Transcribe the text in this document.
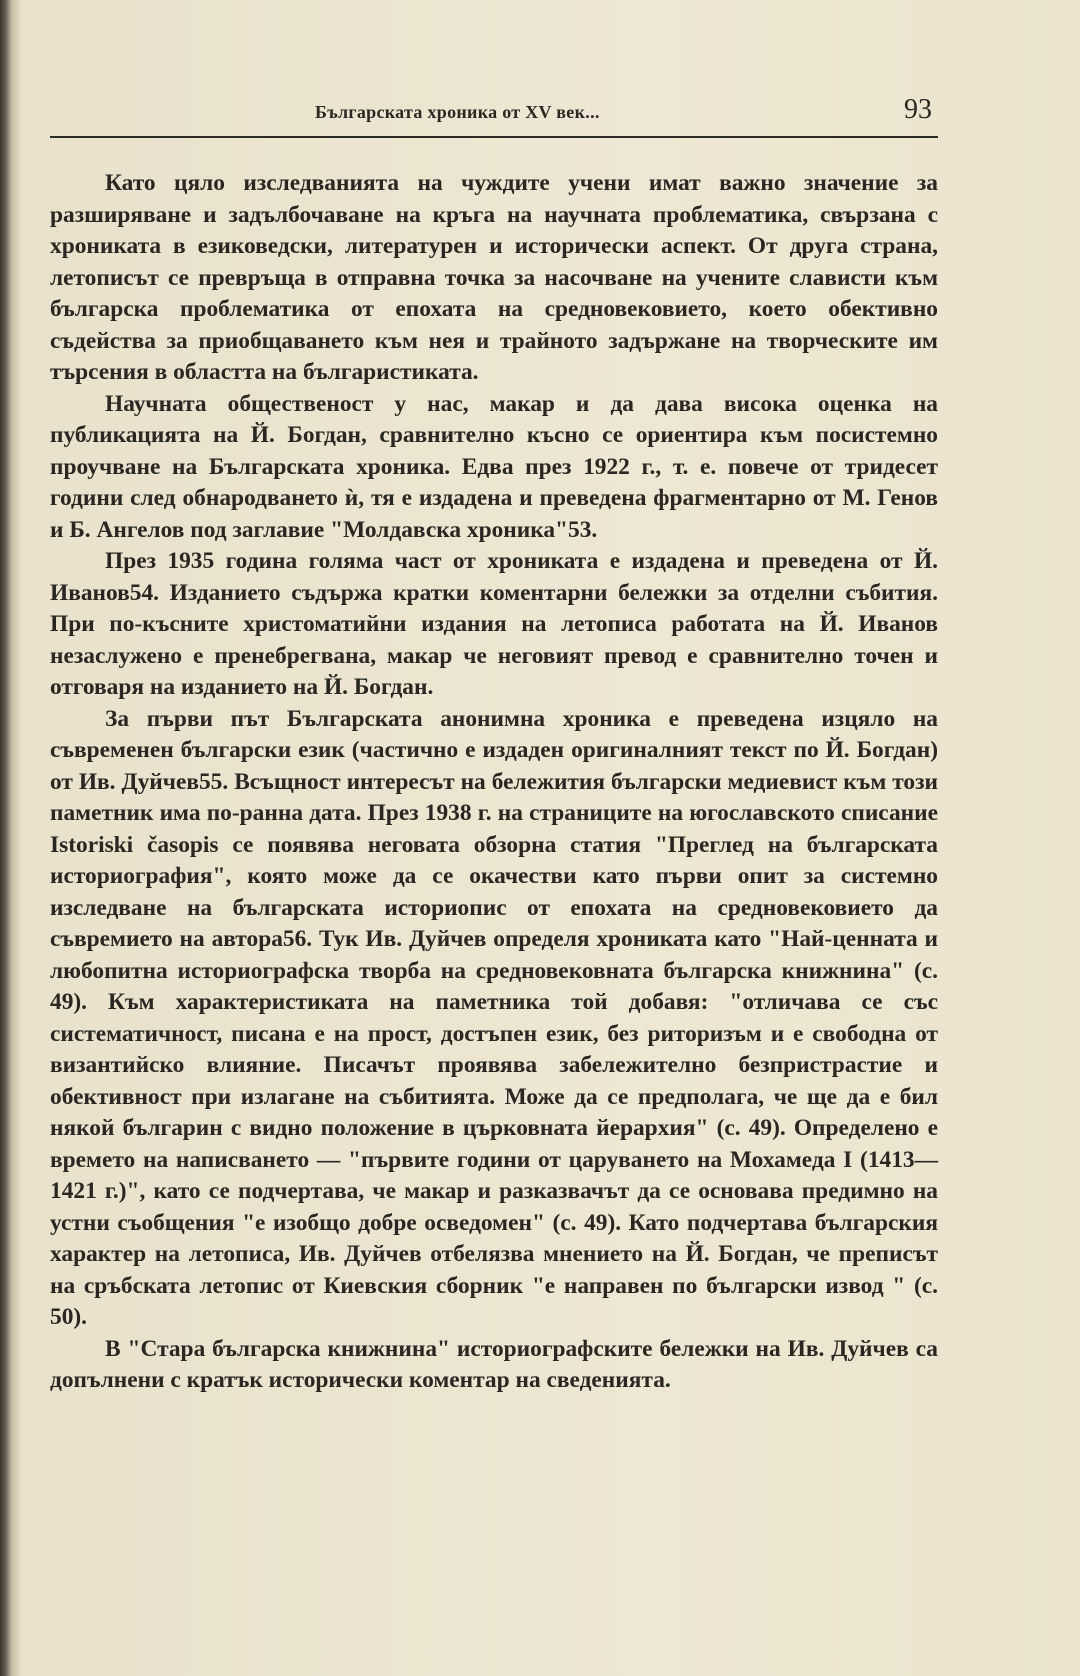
Българската хроника от XV век...	93

Като цяло изследванията на чуждите учени имат важно значение за разширяване и задълбочаване на кръга на научната проблематика, свързана с хрониката в езиковедски, литературен и исторически аспект. От друга страна, летописът се превръща в отправна точка за насочване на учените слависти към българска проблематика от епохата на средновековието, което обективно съдейства за приобщаването към нея и трайното задържане на творческите им търсения в областта на българистиката.

Научната общественост у нас, макар и да дава висока оценка на публикацията на Й. Богдан, сравнително късно се ориентира към посистемно проучване на Българската хроника. Едва през 1922 г., т. е. повече от тридесет години след обнародването ѝ, тя е издадена и преведена фрагментарно от М. Генов и Б. Ангелов под заглавие "Молдавска хроника"53.

През 1935 година голяма част от хрониката е издадена и преведена от Й. Иванов54. Изданието съдържа кратки коментарни бележки за отделни събития. При по-късните христоматийни издания на летописа работата на Й. Иванов незаслужено е пренебрегвана, макар че неговият превод е сравнително точен и отговаря на изданието на Й. Богдан.

За първи път Българската анонимна хроника е преведена изцяло на съвременен български език (частично е издаден оригиналният текст по Й. Богдан) от Ив. Дуйчев55. Всъщност интересът на бележития български медиевист към този паметник има по-ранна дата. През 1938 г. на страниците на югославското списание Istoriski časopis се появява неговата обзорна статия "Преглед на българската историография", която може да се окачестви като първи опит за системно изследване на българската историопис от епохата на средновековието да съвремието на автора56. Тук Ив. Дуйчев определя хрониката като "Най-ценната и любопитна историографска творба на средновековната българска книжнина" (с. 49). Към характеристиката на паметника той добавя: "отличава се със систематичност, писана е на прост, достъпен език, без риторизъм и е свободна от византийско влияние. Писачът проявява забележително безпристрастие и обективност при излагане на събитията. Може да се предполага, че ще да е бил някой българин с видно положение в църковната йерархия" (с. 49). Определено е времето на написването — "първите години от царуването на Мохамеда I (1413—1421 г.)", като се подчертава, че макар и разказвачът да се основава предимно на устни съобщения "е изобщо добре осведомен" (с. 49). Като подчертава българския характер на летописа, Ив. Дуйчев отбелязва мнението на Й. Богдан, че преписът на сръбската летопис от Киевския сборник "е направен по български извод " (с. 50).

В "Стара българска книжнина" историографските бележки на Ив. Дуйчев са допълнени с кратък исторически коментар на сведенията.
